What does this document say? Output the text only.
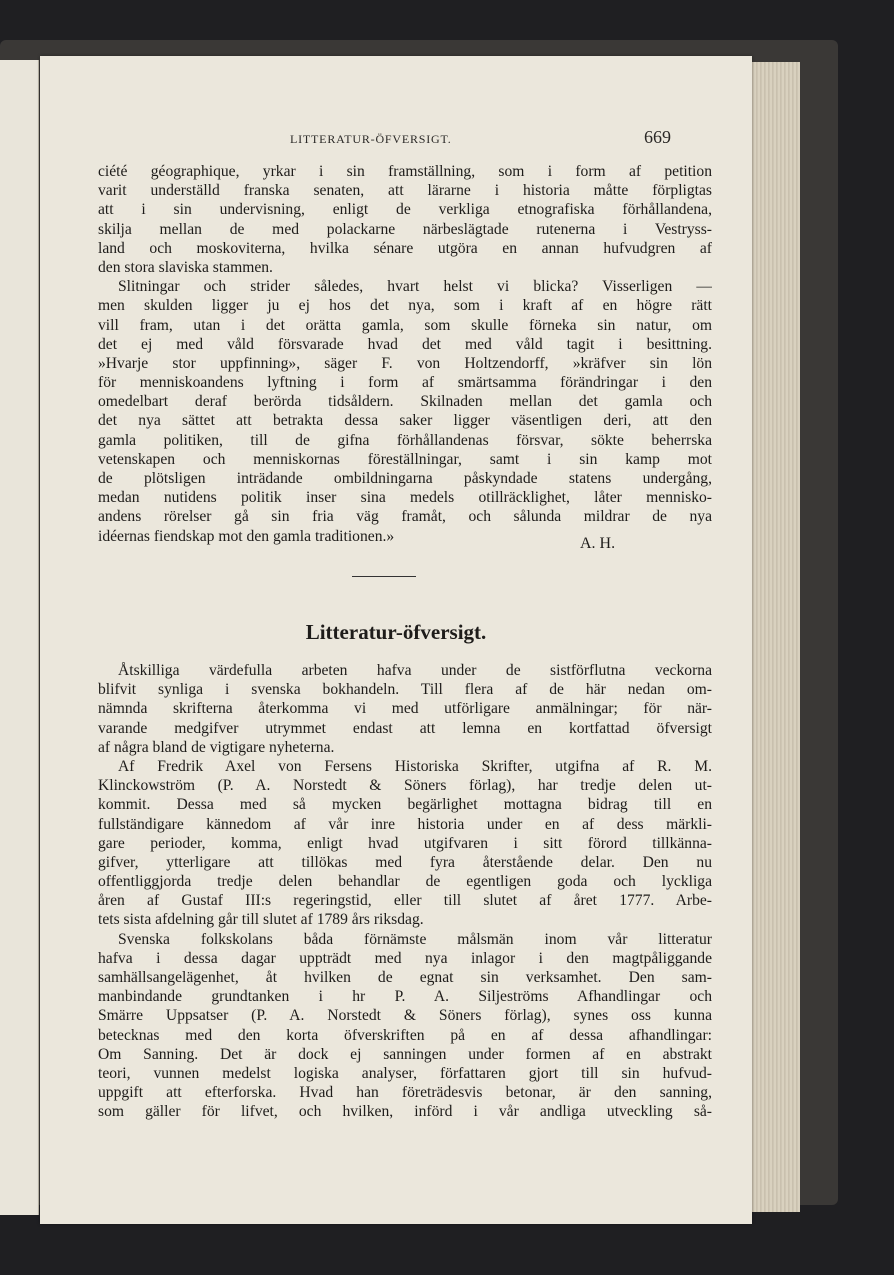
LITTERATUR-ÖFVERSIGT.	669
ciété géographique, yrkar i sin framställning, som i form af petition
varit underställd franska senaten, att lärarne i historia måtte förpligtas
att i sin undervisning, enligt de verkliga etnografiska förhållandena,
skilja mellan de med polackarne närbeslägtade rutenerna i Vestryss-
land och moskoviterna, hvilka sénare utgöra en annan hufvudgren af
den stora slaviska stammen.
Slitningar och strider således, hvart helst vi blicka? Visserligen —
men skulden ligger ju ej hos det nya, som i kraft af en högre rätt
vill fram, utan i det orätta gamla, som skulle förneka sin natur, om
det ej med våld försvarade hvad det med våld tagit i besittning.
»Hvarje stor uppfinning», säger F. von Holtzendorff, »kräfver sin lön
för menniskoandens lyftning i form af smärtsamma förändringar i den
omedelbart deraf berörda tidsåldern. Skilnaden mellan det gamla och
det nya sättet att betrakta dessa saker ligger väsentligen deri, att den
gamla politiken, till de gifna förhållandenas försvar, sökte beherrska
vetenskapen och menniskornas föreställningar, samt i sin kamp mot
de plötsligen inträdande ombildningarna påskyndade statens undergång,
medan nutidens politik inser sina medels otillräcklighet, låter mennisko-
andens rörelser gå sin fria väg framåt, och sålunda mildrar de nya
idéernas fiendskap mot den gamla traditionen.»	A. H.
Litteratur-öfversigt.
Åtskilliga värdefulla arbeten hafva under de sistförflutna veckorna
blifvit synliga i svenska bokhandeln. Till flera af de här nedan om-
nämnda skrifterna återkomma vi med utförligare anmälningar; för när-
varande medgifver utrymmet endast att lemna en kortfattad öfversigt
af några bland de vigtigare nyheterna.
Af Fredrik Axel von Fersens Historiska Skrifter, utgifna af R. M.
Klinckowström (P. A. Norstedt & Söners förlag), har tredje delen ut-
kommit. Dessa med så mycken begärlighet mottagna bidrag till en
fullständigare kännedom af vår inre historia under en af dess märkli-
gare perioder, komma, enligt hvad utgifvaren i sitt förord tillkänna-
gifver, ytterligare att tillökas med fyra återstående delar. Den nu
offentliggjorda tredje delen behandlar de egentligen goda och lyckliga
åren af Gustaf III:s regeringstid, eller till slutet af året 1777. Arbe-
tets sista afdelning går till slutet af 1789 års riksdag.
Svenska folkskolans båda förnämste målsmän inom vår litteratur
hafva i dessa dagar uppträdt med nya inlagor i den magtpåliggande
samhällsangelägenhet, åt hvilken de egnat sin verksamhet. Den sam-
manbindande grundtanken i hr P. A. Siljeströms Afhandlingar och
Smärre Uppsatser (P. A. Norstedt & Söners förlag), synes oss kunna
betecknas med den korta öfverskriften på en af dessa afhandlingar:
Om Sanning. Det är dock ej sanningen under formen af en abstrakt
teori, vunnen medelst logiska analyser, författaren gjort till sin hufvud-
uppgift att efterforska. Hvad han företrädesvis betonar, är den sanning,
som gäller för lifvet, och hvilken, införd i vår andliga utveckling så-
